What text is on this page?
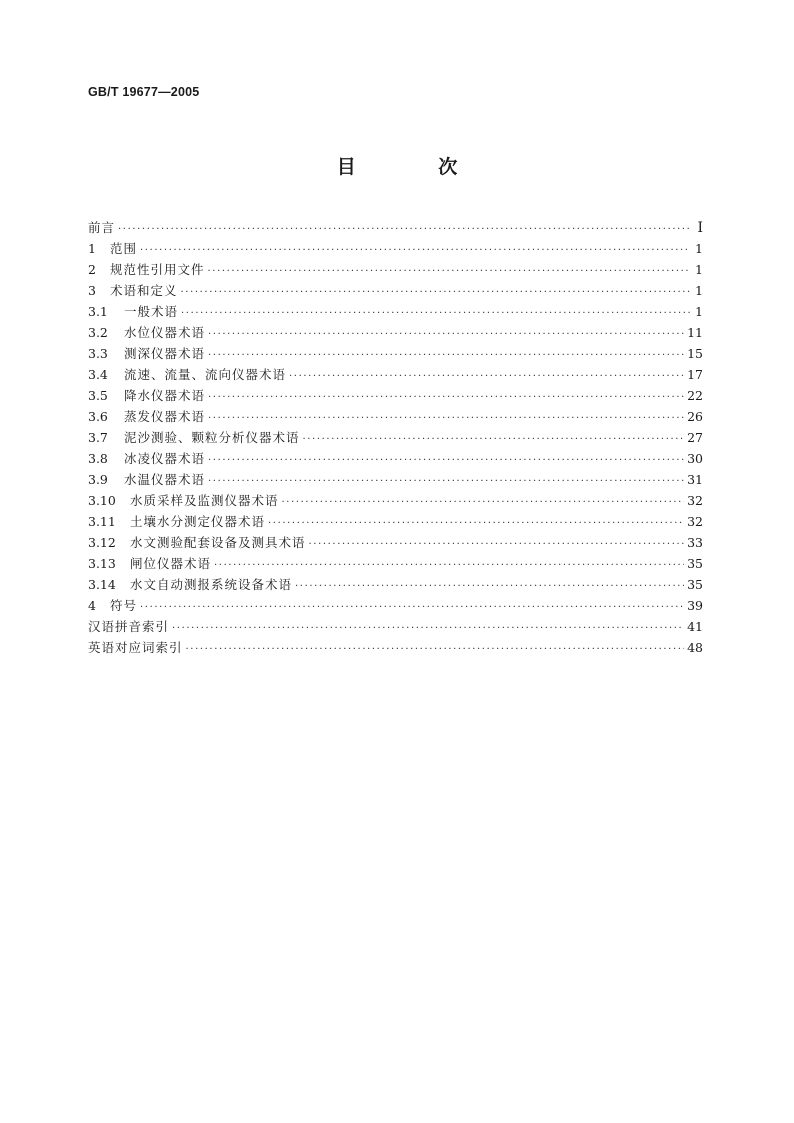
GB/T 19677—2005
目 次
前言 ·····	Ⅰ
1 范围 ·····	1
2 规范性引用文件 ·····	1
3 术语和定义 ·····	1
3.1 一般术语 ·····	1
3.2 水位仪器术语 ·····	11
3.3 测深仪器术语 ·····	15
3.4 流速、流量、流向仪器术语 ·····	17
3.5 降水仪器术语 ·····	22
3.6 蒸发仪器术语 ·····	26
3.7 泥沙测验、颗粒分析仪器术语 ·····	27
3.8 冰凌仪器术语 ·····	30
3.9 水温仪器术语 ·····	31
3.10 水质采样及监测仪器术语 ·····	32
3.11 土壤水分测定仪器术语 ·····	32
3.12 水文测验配套设备及测具术语 ·····	33
3.13 闸位仪器术语 ·····	35
3.14 水文自动测报系统设备术语 ·····	35
4 符号 ·····	39
汉语拼音索引 ·····	41
英语对应词索引 ·····	48
